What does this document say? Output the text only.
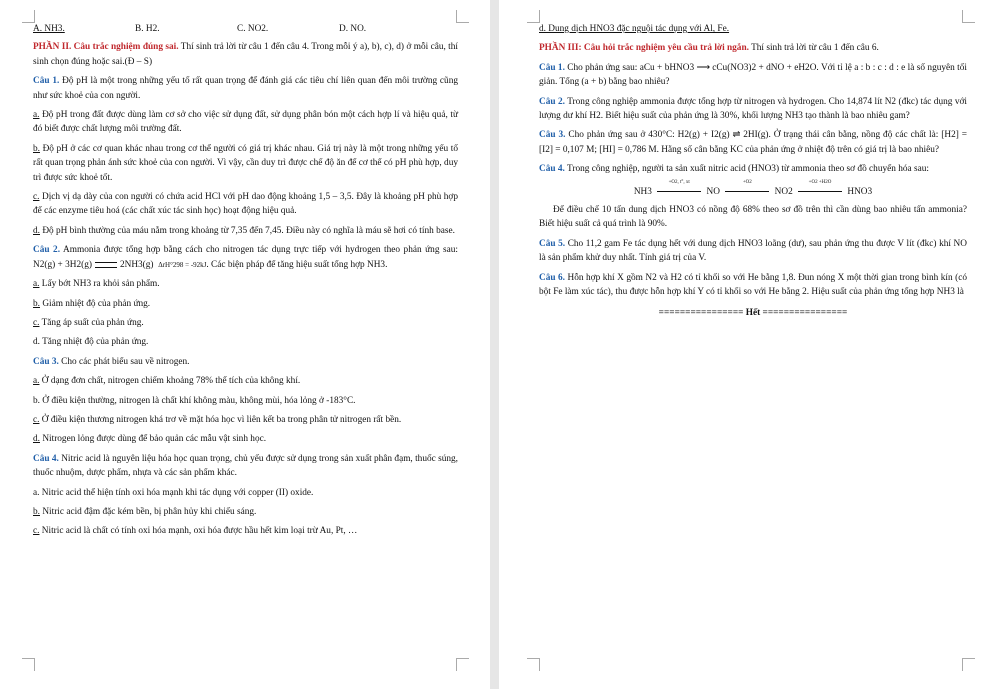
A. NH3.	B. H2.	C. NO2.	D. NO.

PHẦN II. Câu trắc nghiệm đúng sai. Thí sinh trả lời từ câu 1 đến câu 4. Trong mỗi ý a), b), c), d) ở mỗi câu, thí sinh chọn đúng hoặc sai.(Đ – S)

Câu 1. Độ pH là một trong những yếu tố rất quan trọng để đánh giá các tiêu chí liên quan đến môi trường cũng như sức khoẻ của con người.

a. Độ pH trong đất được dùng làm cơ sở cho việc sử dụng đất, sử dụng phân bón một cách hợp lí và hiệu quả, từ đó biết được chất lượng môi trường đất.

b. Độ pH ở các cơ quan khác nhau trong cơ thể người có giá trị khác nhau. Giá trị này là một trong những yếu tố rất quan trọng phản ánh sức khoẻ của con người. Vì vậy, cần duy trì được chế độ ăn để cơ thể có pH phù hợp, duy trì được sức khoẻ tốt.

c. Dịch vị dạ dày của con người có chứa acid HCl với pH dao động khoảng 1,5 – 3,5. Đây là khoảng pH phù hợp để các enzyme tiêu hoá (các chất xúc tác sinh học) hoạt động hiệu quả.

d. Độ pH bình thường của máu nằm trong khoảng từ 7,35 đến 7,45. Điều này có nghĩa là máu sẽ hơi có tính base.

Câu 2. Ammonia được tổng hợp bằng cách cho nitrogen tác dụng trực tiếp với hydrogen theo phản ứng sau: N2(g) + 3H2(g)	2NH3(g) ΔrH°298 = -92kJ. Các biện pháp để tăng hiệu suất tổng hợp NH3.

a. Lấy bớt NH3 ra khỏi sản phẩm.

b. Giảm nhiệt độ của phản ứng.

c. Tăng áp suất của phản ứng.

d. Tăng nhiệt độ của phản ứng.

Câu 3. Cho các phát biểu sau về nitrogen.

a. Ở dạng đơn chất, nitrogen chiếm khoảng 78% thể tích của không khí.

b. Ở điều kiện thường, nitrogen là chất khí không màu, không mùi, hóa lỏng ở -183°C.

c. Ở điều kiện thương nitrogen khá trơ về mặt hóa học vì liên kết ba trong phân tử nitrogen rất bền.

d. Nitrogen lỏng được dùng để bảo quản các mẫu vật sinh học.

Câu 4. Nitric acid là nguyên liệu hóa học quan trọng, chủ yếu được sử dụng trong sản xuất phân đạm, thuốc súng, thuốc nhuộm, dược phẩm, nhựa và các sản phẩm khác.

a. Nitric acid thể hiện tính oxi hóa mạnh khi tác dụng với copper (II) oxide.

b. Nitric acid đậm đặc kém bền, bị phân hủy khi chiếu sáng.

c. Nitric acid là chất có tính oxi hóa mạnh, oxi hóa được hầu hết kim loại trừ Au, Pt, …

d. Dung dịch HNO3 đặc nguội tác dụng với Al, Fe.

PHẦN III: Câu hỏi trắc nghiệm yêu cầu trả lời ngắn. Thí sinh trả lời từ câu 1 đến câu 6.

Câu 1. Cho phản ứng sau: aCu + bHNO3 ⟶ cCu(NO3)2 + dNO + eH2O. Với tỉ lệ a : b : c : d : e là số nguyên tối giản. Tổng (a + b) bằng bao nhiêu?

Câu 2. Trong công nghiệp ammonia được tổng hợp từ nitrogen và hydrogen. Cho 14,874 lít N2 (đkc) tác dụng với lượng dư khí H2. Biết hiệu suất của phản ứng là 30%, khối lượng NH3 tạo thành là bao nhiêu gam?

Câu 3. Cho phản ứng sau ở 430°C: H2(g) + I2(g) ⇌ 2HI(g). Ở trạng thái cân bằng, nồng độ các chất là: [H2] = [I2] = 0,107 M; [HI] = 0,786 M. Hằng số cân bằng KC của phản ứng ở nhiệt độ trên có giá trị là bao nhiêu?

Câu 4. Trong công nghiệp, người ta sản xuất nitric acid (HNO3) từ ammonia theo sơ đồ chuyển hóa sau:

NH3
+O2, t°, xt
NO
+O2
NO2
+O2 +H2O
HNO3

Để điều chế 10 tấn dung dịch HNO3 có nồng độ 68% theo sơ đồ trên thì cần dùng bao nhiêu tấn ammonia? Biết hiệu suất cả quá trình là 90%.

Câu 5. Cho 11,2 gam Fe tác dụng hết với dung dịch HNO3 loãng (dư), sau phản ứng thu được V lít (đkc) khí NO là sản phẩm khử duy nhất. Tính giá trị của V.

Câu 6. Hỗn hợp khí X gồm N2 và H2 có tỉ khối so với He bằng 1,8. Đun nóng X một thời gian trong bình kín (có bột Fe làm xúc tác), thu được hỗn hợp khí Y có tỉ khối so với He bằng 2. Hiệu suất của phản ứng tổng hợp NH3 là

================ Hết ================
